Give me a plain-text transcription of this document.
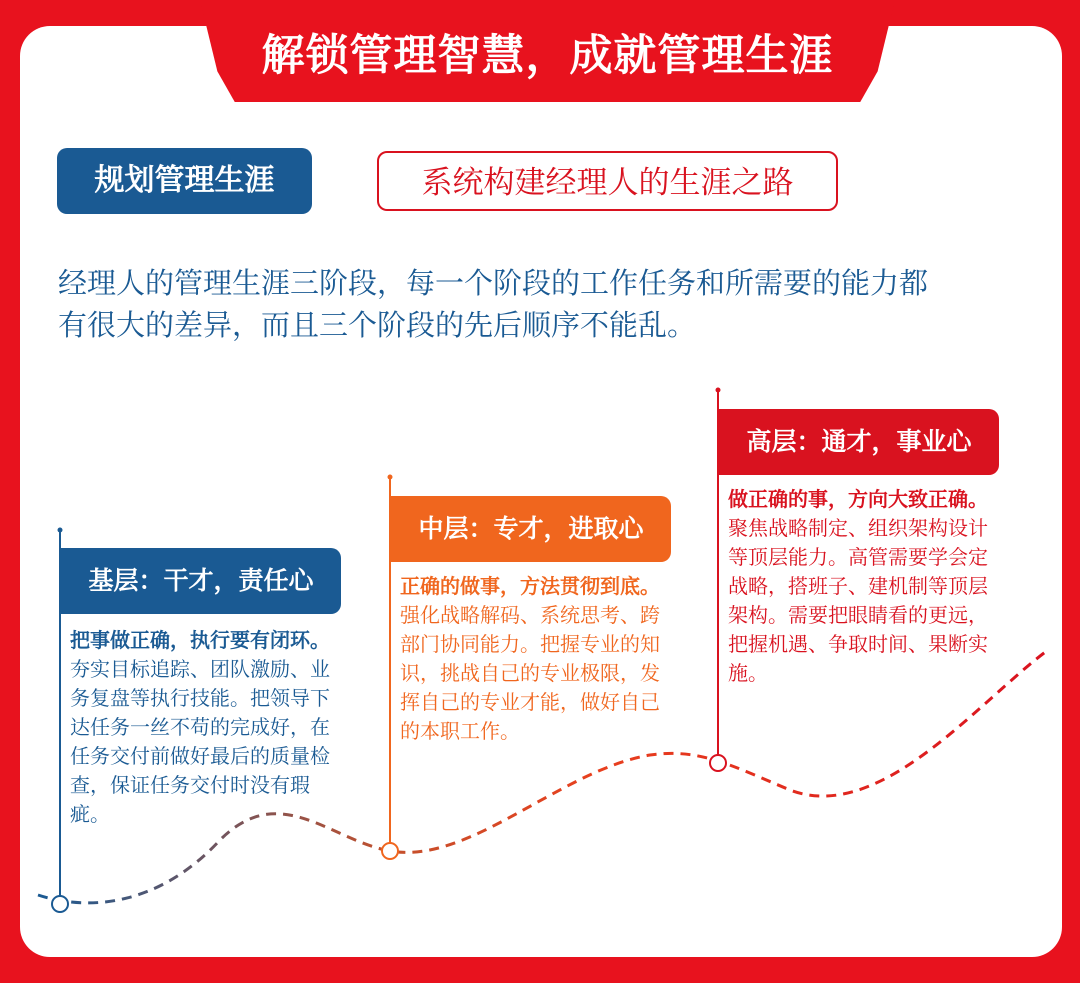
解锁管理智慧，成就管理生涯
规划管理生涯	系统构建经理人的生涯之路
经理人的管理生涯三阶段，每一个阶段的工作任务和所需要的能力都
有很大的差异，而且三个阶段的先后顺序不能乱。
基层：干才，责任心
把事做正确，执行要有闭环。
夯实目标追踪、团队激励、业
务复盘等执行技能。把领导下
达任务一丝不苟的完成好，在
任务交付前做好最后的质量检
查，保证任务交付时没有瑕
疵。
中层：专才，进取心
正确的做事，方法贯彻到底。
强化战略解码、系统思考、跨
部门协同能力。把握专业的知
识，挑战自己的专业极限，发
挥自己的专业才能，做好自己
的本职工作。
高层：通才，事业心
做正确的事，方向大致正确。
聚焦战略制定、组织架构设计
等顶层能力。高管需要学会定
战略，搭班子、建机制等顶层
架构。需要把眼睛看的更远，
把握机遇、争取时间、果断实
施。
